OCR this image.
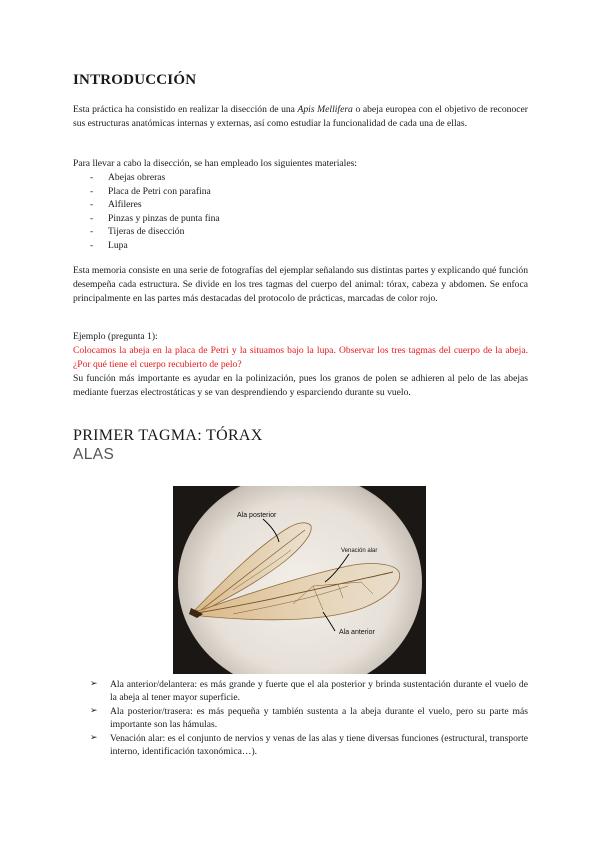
INTRODUCCIÓN

Esta práctica ha consistido en realizar la disección de una Apis Mellifera o abeja europea con el objetivo de reconocer sus estructuras anatómicas internas y externas, así como estudiar la funcionalidad de cada una de ellas.

Para llevar a cabo la disección, se han empleado los siguientes materiales:

- Abejas obreras
- Placa de Petri con parafina
- Alfileres
- Pinzas y pinzas de punta fina
- Tijeras de disección
- Lupa

Esta memoria consiste en una serie de fotografías del ejemplar señalando sus distintas partes y explicando qué función desempeña cada estructura. Se divide en los tres tagmas del cuerpo del animal: tórax, cabeza y abdomen. Se enfoca principalmente en las partes más destacadas del protocolo de prácticas, marcadas de color rojo.

Ejemplo (pregunta 1):

Colocamos la abeja en la placa de Petri y la situamos bajo la lupa. Observar los tres tagmas del cuerpo de la abeja. ¿Por qué tiene el cuerpo recubierto de pelo?

Su función más importante es ayudar en la polinización, pues los granos de polen se adhieren al pelo de las abejas mediante fuerzas electrostáticas y se van desprendiendo y esparciendo durante su vuelo.

PRIMER TAGMA: TÓRAX
ALAS
Ala posterior
Venación alar
Ala anterior
➢ Ala anterior/delantera: es más grande y fuerte que el ala posterior y brinda sustentación durante el vuelo de la abeja al tener mayor superficie.
➢ Ala posterior/trasera: es más pequeña y también sustenta a la abeja durante el vuelo, pero su parte más importante son las hámulas.
➢ Venación alar: es el conjunto de nervios y venas de las alas y tiene diversas funciones (estructural, transporte interno, identificación taxonómica…).
